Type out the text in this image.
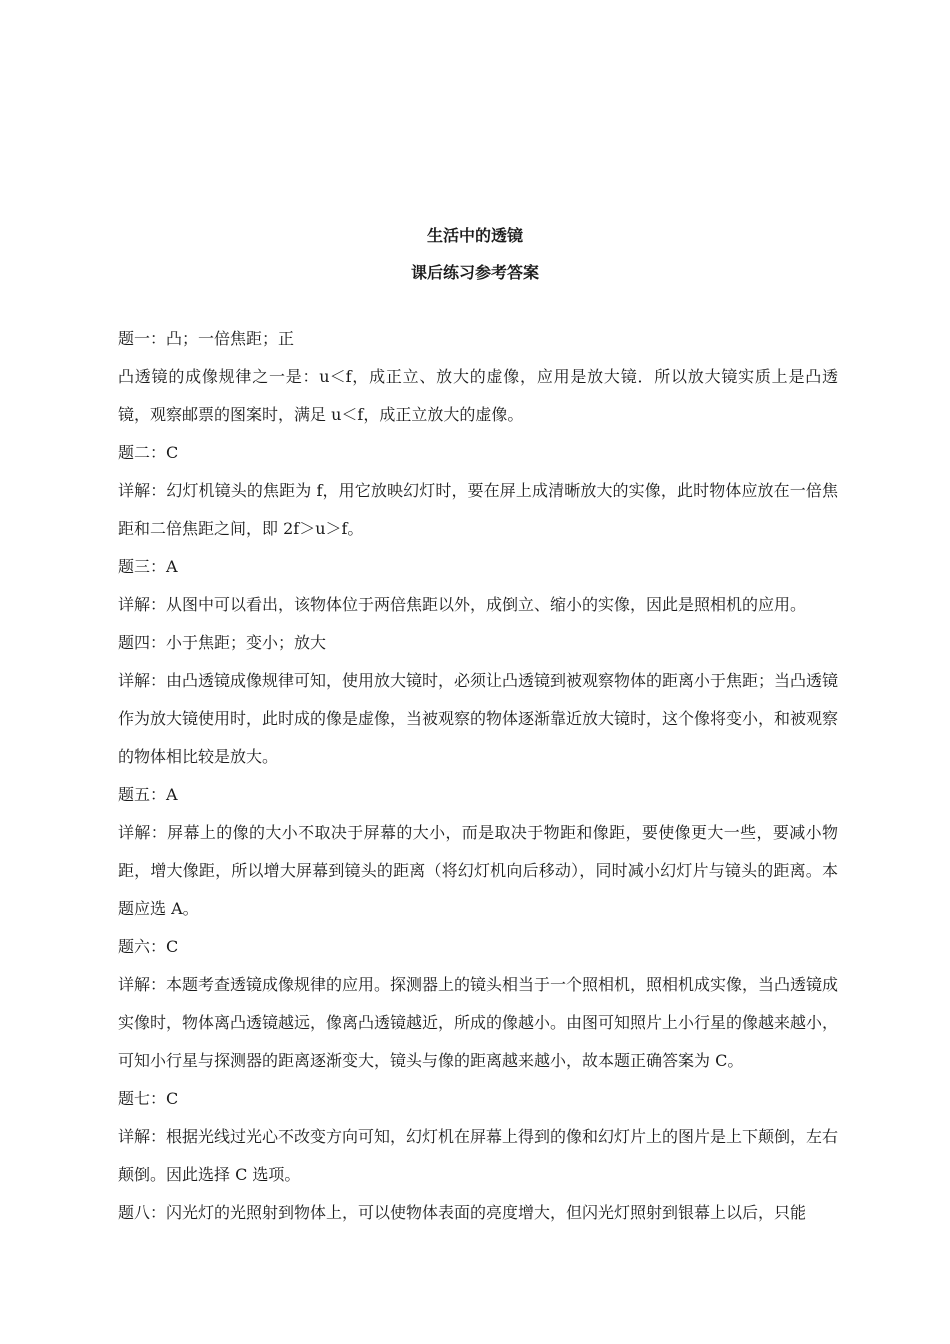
生活中的透镜
课后练习参考答案
题一：凸；一倍焦距；正
凸透镜的成像规律之一是：u＜f，成正立、放大的虚像，应用是放大镜．所以放大镜实质上是凸透镜，观察邮票的图案时，满足 u＜f，成正立放大的虚像。
题二：C
详解：幻灯机镜头的焦距为 f，用它放映幻灯时，要在屏上成清晰放大的实像，此时物体应放在一倍焦距和二倍焦距之间，即 2f＞u＞f。
题三：A
详解：从图中可以看出，该物体位于两倍焦距以外，成倒立、缩小的实像，因此是照相机的应用。
题四：小于焦距；变小；放大
详解：由凸透镜成像规律可知，使用放大镜时，必须让凸透镜到被观察物体的距离小于焦距；当凸透镜作为放大镜使用时，此时成的像是虚像，当被观察的物体逐渐靠近放大镜时，这个像将变小，和被观察的物体相比较是放大。
题五：A
详解：屏幕上的像的大小不取决于屏幕的大小，而是取决于物距和像距，要使像更大一些，要减小物距，增大像距，所以增大屏幕到镜头的距离（将幻灯机向后移动），同时减小幻灯片与镜头的距离。本题应选 A。
题六：C
详解：本题考查透镜成像规律的应用。探测器上的镜头相当于一个照相机，照相机成实像，当凸透镜成实像时，物体离凸透镜越远，像离凸透镜越近，所成的像越小。由图可知照片上小行星的像越来越小，可知小行星与探测器的距离逐渐变大，镜头与像的距离越来越小，故本题正确答案为 C。
题七：C
详解：根据光线过光心不改变方向可知，幻灯机在屏幕上得到的像和幻灯片上的图片是上下颠倒，左右颠倒。因此选择 C 选项。
题八：闪光灯的光照射到物体上，可以使物体表面的亮度增大，但闪光灯照射到银幕上以后，只能
